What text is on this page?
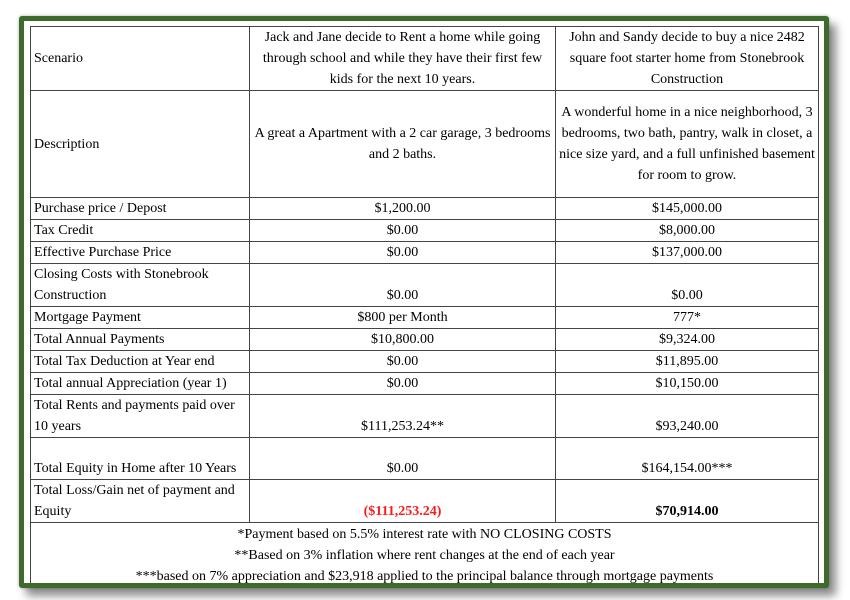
Scenario	Jack and Jane decide to Rent a home while going through school and while they have their first few kids for the next 10 years.	John and Sandy decide to buy a nice 2482 square foot starter home from Stonebrook Construction
Description	A great a Apartment with a 2 car garage, 3 bedrooms and 2 baths.	A wonderful home in a nice neighborhood, 3 bedrooms, two bath, pantry, walk in closet, a nice size yard, and a full unfinished basement for room to grow.
Purchase price / Depost	$1,200.00	$145,000.00
Tax Credit	$0.00	$8,000.00
Effective Purchase Price	$0.00	$137,000.00
Closing Costs with Stonebrook Construction	$0.00	$0.00
Mortgage Payment	$800 per Month	777*
Total Annual Payments	$10,800.00	$9,324.00
Total Tax Deduction at Year end	$0.00	$11,895.00
Total annual Appreciation (year 1)	$0.00	$10,150.00
Total Rents and payments paid over 10 years	$111,253.24**	$93,240.00
Total Equity in Home after 10 Years	$0.00	$164,154.00***
Total Loss/Gain net of payment and Equity	($111,253.24)	$70,914.00

*Payment based on 5.5% interest rate with NO CLOSING COSTS
**Based on 3% inflation where rent changes at the end of each year
***based on 7% appreciation and $23,918 applied to the principal balance through mortgage payments		
